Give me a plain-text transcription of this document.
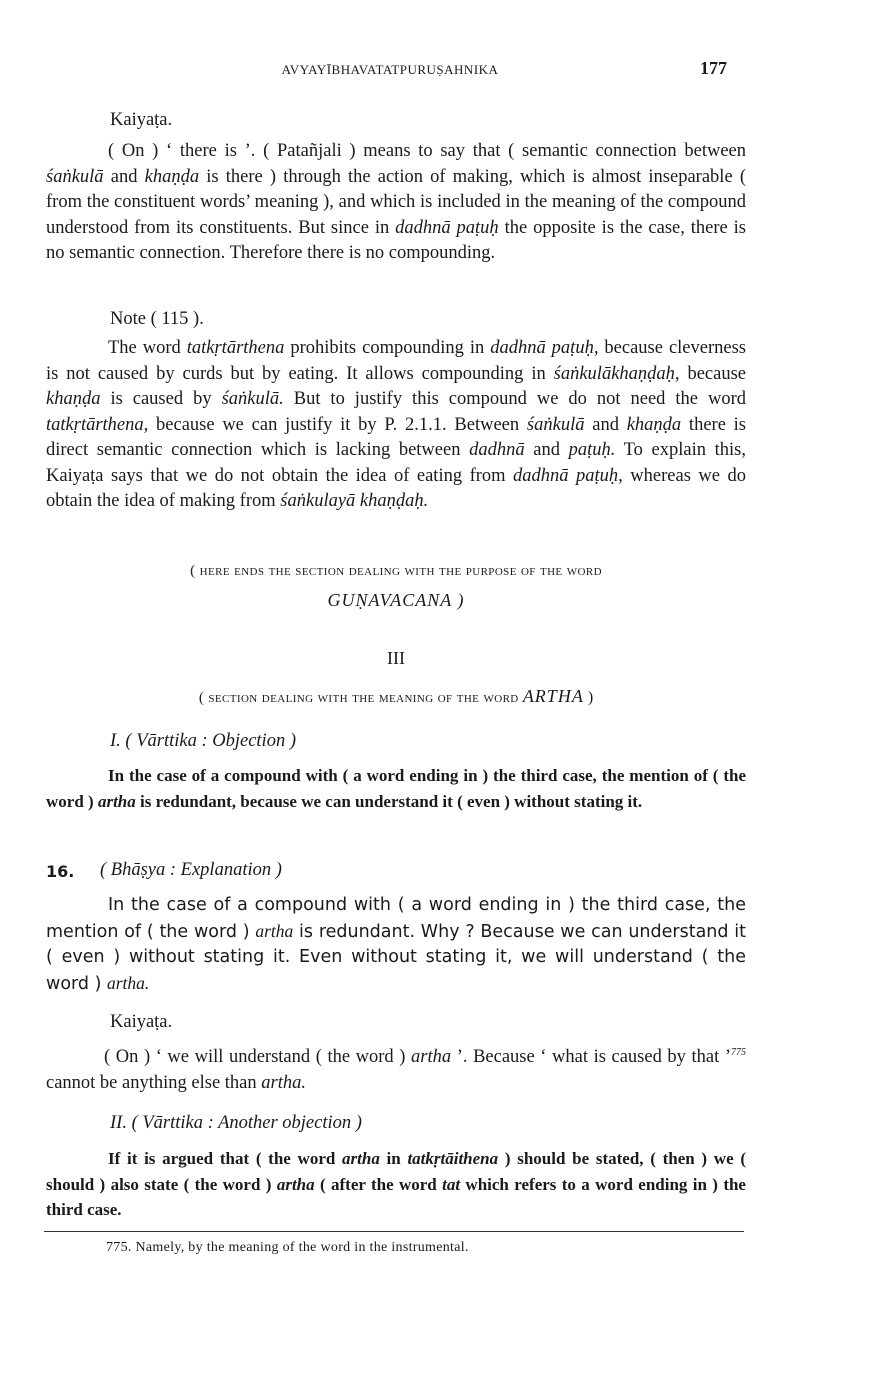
AVYAYĪBHAVATATPURUṢAHNIKA	177
Kaiyaṭa.
( On ) ‘ there is ’. ( Patañjali ) means to say that ( semantic connection between śaṅkulā and khaṇḍa is there ) through the action of making, which is almost inseparable ( from the constituent words’ meaning ), and which is included in the meaning of the compound understood from its constituents. But since in dadhnā paṭuḥ the opposite is the case, there is no semantic connection. Therefore there is no compounding.
Note ( 115 ).
The word tatkṛtārthena prohibits compounding in dadhnā paṭuḥ, because cleverness is not caused by curds but by eating. It allows compounding in śaṅkulākhaṇḍaḥ, because khaṇḍa is caused by śaṅkulā. But to justify this compound we do not need the word tatkṛtārthena, because we can justify it by P. 2.1.1. Between śaṅkulā and khaṇḍa there is direct semantic connection which is lacking between dadhnā and paṭuḥ. To explain this, Kaiyaṭa says that we do not obtain the idea of eating from dadhnā paṭuḥ, whereas we do obtain the idea of making from śaṅkulayā khaṇḍaḥ.
( here ends the section dealing with the purpose of the word
GUṆAVACANA )
III
( section dealing with the meaning of the word ARTHA )
I. ( Vārttika : Objection )
In the case of a compound with ( a word ending in ) the third case, the mention of ( the word ) artha is redundant, because we can understand it ( even ) without stating it.
16. ( Bhāṣya : Explanation )
In the case of a compound with ( a word ending in ) the third case, the mention of ( the word ) artha is redundant. Why ? Because we can understand it ( even ) without stating it. Even without stating it, we will understand ( the word ) artha.
Kaiyaṭa.
( On ) ‘ we will understand ( the word ) artha ’. Because ‘ what is caused by that ’$^{775}$ cannot be anything else than artha.
II. ( Vārttika : Another objection )
If it is argued that ( the word artha in tatkṛtāithena ) should be stated, ( then ) we ( should ) also state ( the word ) artha ( after the word tat which refers to a word ending in ) the third case.
775. Namely, by the meaning of the word in the instrumental.
